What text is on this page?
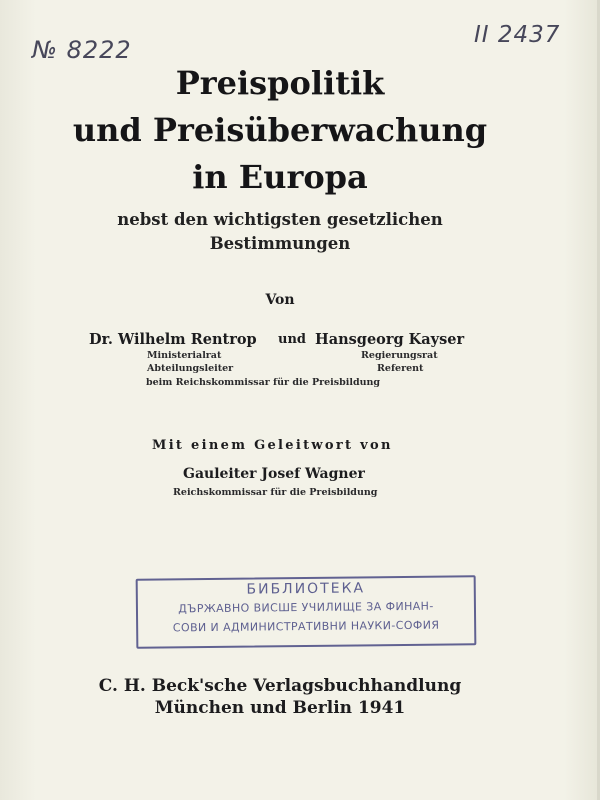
№ 8222
II 2437
Preispolitik
und Preisüberwachung
in Europa
nebst den wichtigsten gesetzlichen
Bestimmungen
Von
Dr. Wilhelm Rentrop und Hansgeorg Kayser
Ministerialrat
Abteilungsleiter
Regierungsrat
Referent
beim Reichskommissar für die Preisbildung
Mit einem Geleitwort von
Gauleiter Josef Wagner
Reichskommissar für die Preisbildung
БИБЛИОТЕКА
ДЪРЖАВНО ВИСШЕ УЧИЛИЩЕ ЗА ФИНАН-
СОВИ И АДМИНИСТРАТИВНИ НАУКИ-СОФИЯ
C. H. Beck'sche Verlagsbuchhandlung
München und Berlin 1941
